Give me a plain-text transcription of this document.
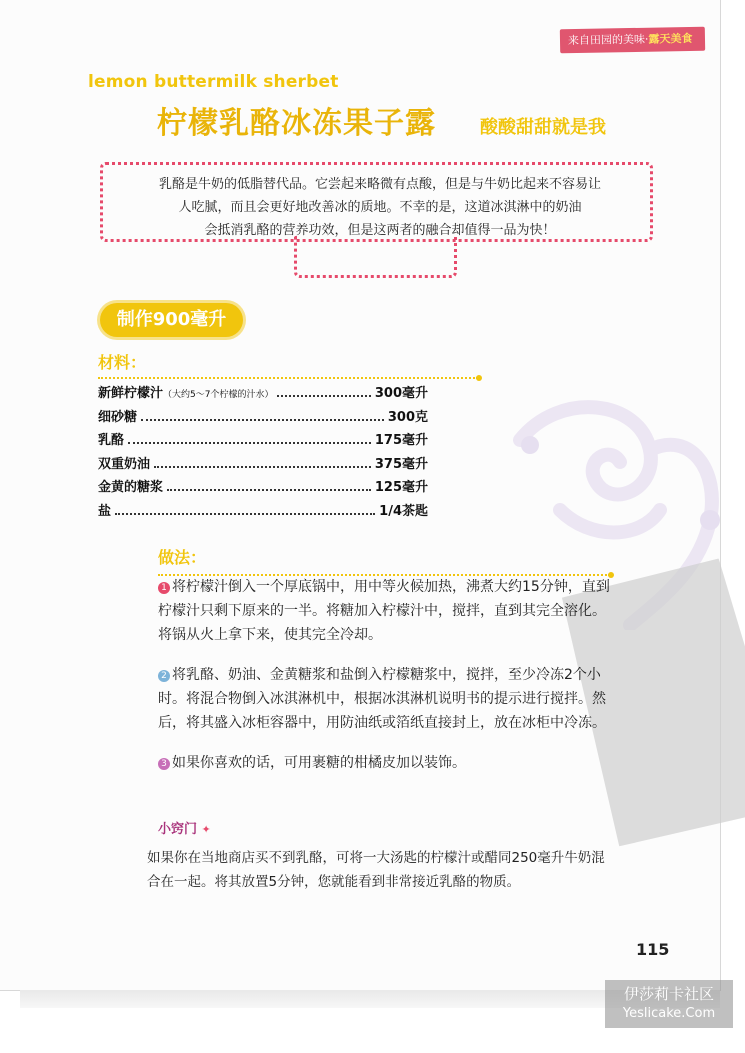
来自田园的美味·露天美食
lemon buttermilk sherbet
柠檬乳酪冰冻果子露 酸酸甜甜就是我
乳酪是牛奶的低脂替代品。它尝起来略微有点酸，但是与牛奶比起来不容易让
人吃腻，而且会更好地改善冰的质地。不幸的是，这道冰淇淋中的奶油
会抵消乳酪的营养功效，但是这两者的融合却值得一品为快！
制作900毫升
材料：
新鲜柠檬汁 （大约5～7个柠檬的汁水）	300毫升
细砂糖	300克
乳酪	175毫升
双重奶油	375毫升
金黄的糖浆	125毫升
盐	1/4茶匙
做法：
1 将柠檬汁倒入一个厚底锅中，用中等火候加热，沸煮大约15分钟，直到柠檬汁只剩下原来的一半。将糖加入柠檬汁中，搅拌，直到其完全溶化。将锅从火上拿下来，使其完全冷却。
2 将乳酪、奶油、金黄糖浆和盐倒入柠檬糖浆中，搅拌，至少冷冻2个小时。将混合物倒入冰淇淋机中，根据冰淇淋机说明书的提示进行搅拌。然后，将其盛入冰柜容器中，用防油纸或箔纸直接封上，放在冰柜中冷冻。
3 如果你喜欢的话，可用裹糖的柑橘皮加以装饰。
小窍门 ✦
如果你在当地商店买不到乳酪，可将一大汤匙的柠檬汁或醋同250毫升牛奶混合在一起。将其放置5分钟，您就能看到非常接近乳酪的物质。
115
伊莎莉卡社区
Yeslicake.Com
